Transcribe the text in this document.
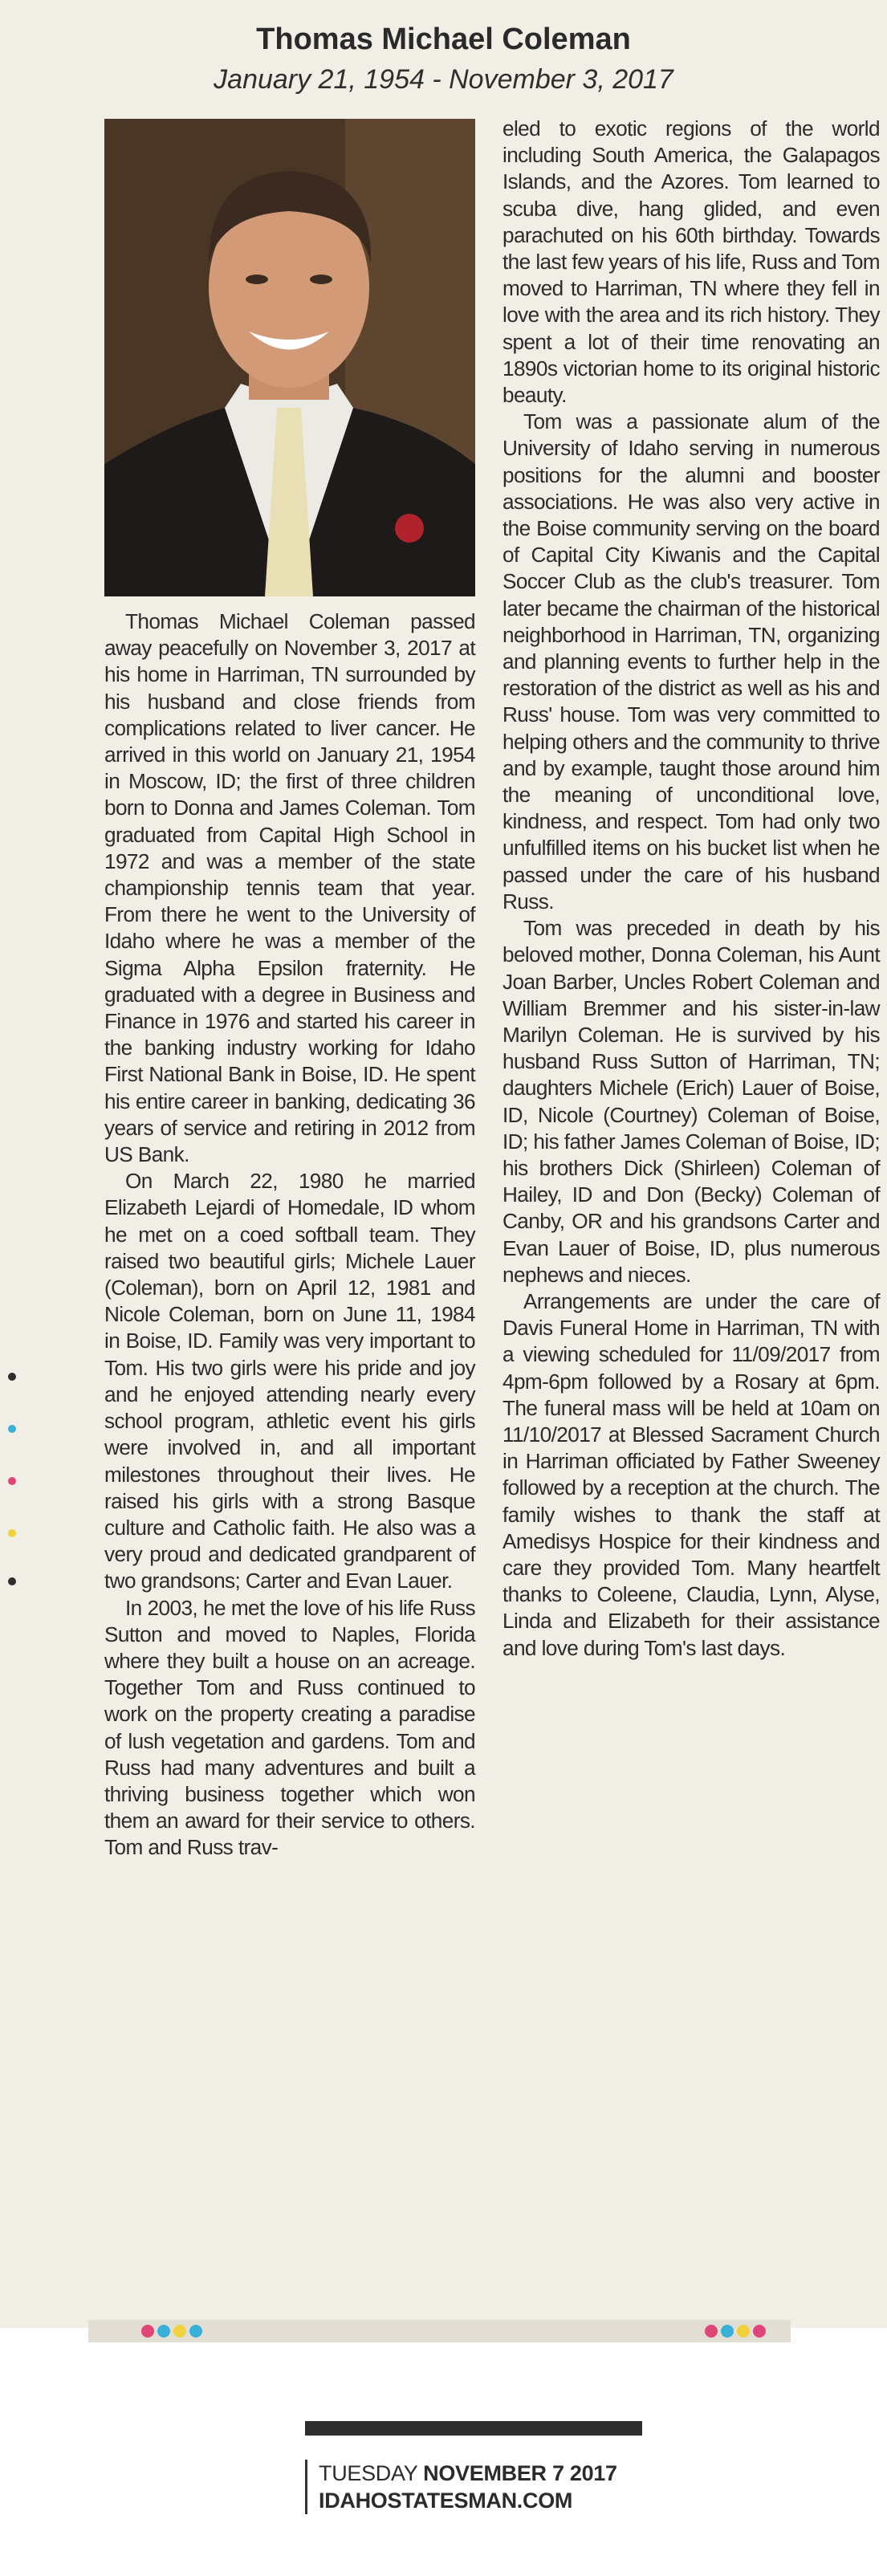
Thomas Michael Coleman
January 21, 1954 - November 3, 2017

Thomas Michael Coleman passed away peacefully on November 3, 2017 at his home in Harriman, TN surrounded by his husband and close friends from complications related to liver cancer. He arrived in this world on January 21, 1954 in Moscow, ID; the first of three children born to Donna and James Coleman. Tom graduated from Capital High School in 1972 and was a member of the state championship tennis team that year. From there he went to the University of Idaho where he was a member of the Sigma Alpha Epsilon fraternity. He graduated with a degree in Business and Finance in 1976 and started his career in the banking industry working for Idaho First National Bank in Boise, ID. He spent his entire career in banking, dedicating 36 years of service and retiring in 2012 from US Bank.

On March 22, 1980 he married Elizabeth Lejardi of Homedale, ID whom he met on a coed softball team. They raised two beautiful girls; Michele Lauer (Coleman), born on April 12, 1981 and Nicole Coleman, born on June 11, 1984 in Boise, ID. Family was very important to Tom. His two girls were his pride and joy and he enjoyed attending nearly every school program, athletic event his girls were involved in, and all important milestones throughout their lives. He raised his girls with a strong Basque culture and Catholic faith. He also was a very proud and dedicated grandparent of two grandsons; Carter and Evan Lauer.

In 2003, he met the love of his life Russ Sutton and moved to Naples, Florida where they built a house on an acreage. Together Tom and Russ continued to work on the property creating a paradise of lush vegetation and gardens. Tom and Russ had many adventures and built a thriving business together which won them an award for their service to others. Tom and Russ trav-

eled to exotic regions of the world including South America, the Galapagos Islands, and the Azores. Tom learned to scuba dive, hang glided, and even parachuted on his 60th birthday. Towards the last few years of his life, Russ and Tom moved to Harriman, TN where they fell in love with the area and its rich history. They spent a lot of their time renovating an 1890s victorian home to its original historic beauty.

Tom was a passionate alum of the University of Idaho serving in numerous positions for the alumni and booster associations. He was also very active in the Boise community serving on the board of Capital City Kiwanis and the Capital Soccer Club as the club's treasurer. Tom later became the chairman of the historical neighborhood in Harriman, TN, organizing and planning events to further help in the restoration of the district as well as his and Russ' house. Tom was very committed to helping others and the community to thrive and by example, taught those around him the meaning of unconditional love, kindness, and respect. Tom had only two unfulfilled items on his bucket list when he passed under the care of his husband Russ.

Tom was preceded in death by his beloved mother, Donna Coleman, his Aunt Joan Barber, Uncles Robert Coleman and William Bremmer and his sister-in-law Marilyn Coleman. He is survived by his husband Russ Sutton of Harriman, TN; daughters Michele (Erich) Lauer of Boise, ID, Nicole (Courtney) Coleman of Boise, ID; his father James Coleman of Boise, ID; his brothers Dick (Shirleen) Coleman of Hailey, ID and Don (Becky) Coleman of Canby, OR and his grandsons Carter and Evan Lauer of Boise, ID, plus numerous nephews and nieces.

Arrangements are under the care of Davis Funeral Home in Harriman, TN with a viewing scheduled for 11/09/2017 from 4pm-6pm followed by a Rosary at 6pm. The funeral mass will be held at 10am on 11/10/2017 at Blessed Sacrament Church in Harriman officiated by Father Sweeney followed by a reception at the church. The family wishes to thank the staff at Amedisys Hospice for their kindness and care they provided Tom. Many heartfelt thanks to Coleene, Claudia, Lynn, Alyse, Linda and Elizabeth for their assistance and love during Tom's last days.

TUESDAY NOVEMBER 7 2017
IDAHOSTATESMAN.COM
